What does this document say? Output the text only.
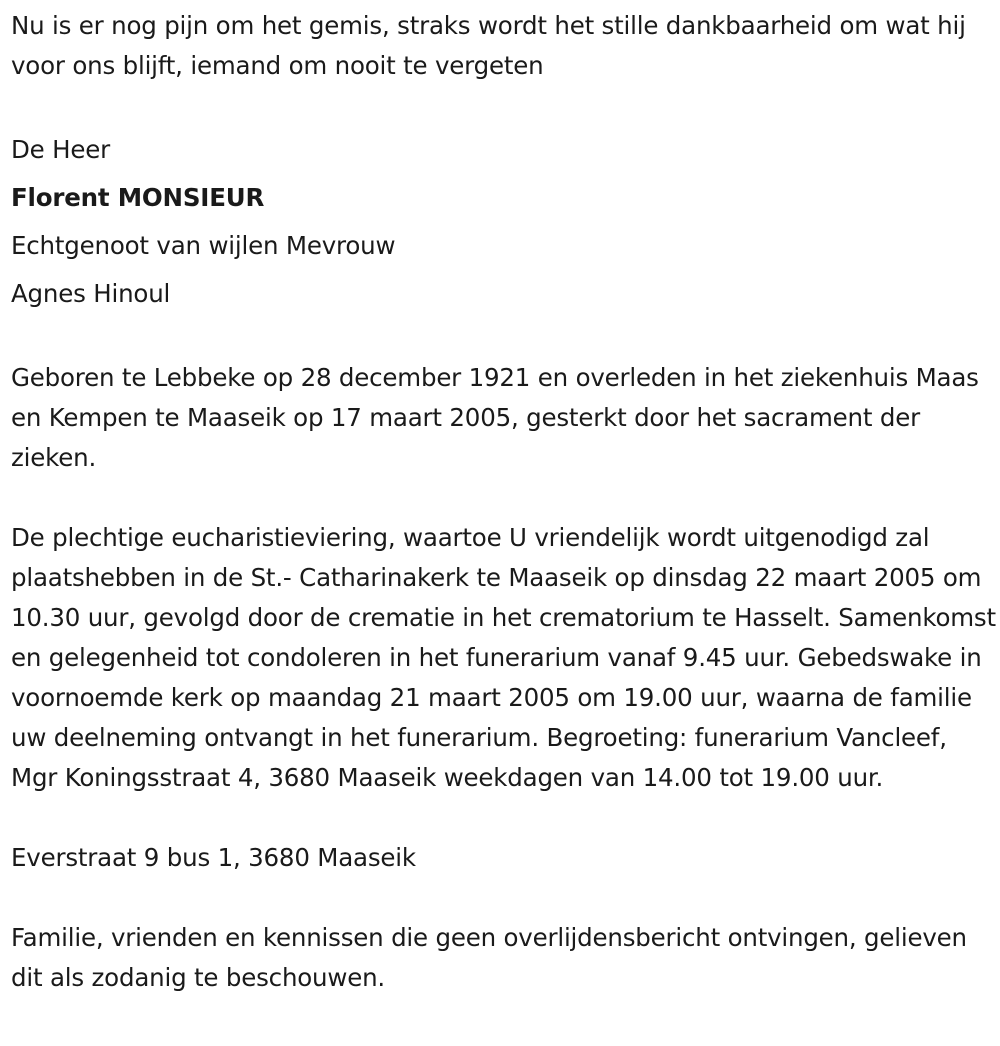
Nu is er nog pijn om het gemis, straks wordt het stille dankbaarheid om wat hij voor ons blijft, iemand om nooit te vergeten

De Heer

Florent MONSIEUR

Echtgenoot van wijlen Mevrouw

Agnes Hinoul

Geboren te Lebbeke op 28 december 1921 en overleden in het ziekenhuis Maas en Kempen te Maaseik op 17 maart 2005, gesterkt door het sacrament der zieken.

De plechtige eucharistieviering, waartoe U vriendelijk wordt uitgenodigd zal plaatshebben in de St.- Catharinakerk te Maaseik op dinsdag 22 maart 2005 om 10.30 uur, gevolgd door de crematie in het crematorium te Hasselt. Samenkomst en gelegenheid tot condoleren in het funerarium vanaf 9.45 uur. Gebedswake in voornoemde kerk op maandag 21 maart 2005 om 19.00 uur, waarna de familie uw deelneming ontvangt in het funerarium. Begroeting: funerarium Vancleef, Mgr Koningsstraat 4, 3680 Maaseik weekdagen van 14.00 tot 19.00 uur.

Everstraat 9 bus 1, 3680 Maaseik

Familie, vrienden en kennissen die geen overlijdensbericht ontvingen, gelieven dit als zodanig te beschouwen.
